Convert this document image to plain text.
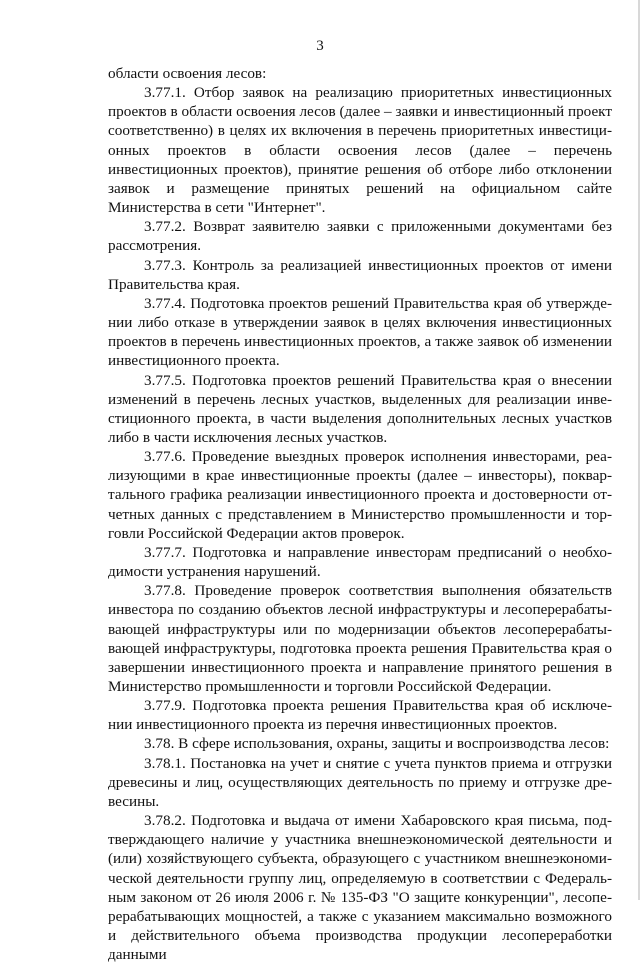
3

области освоения лесов:

3.77.1. Отбор заявок на реализацию приоритетных инвестиционных проектов в области освоения лесов (далее – заявки и инвестиционный проект соответственно) в целях их включения в перечень приоритетных инвестиционных проектов в области освоения лесов (далее – перечень инвестиционных проектов), принятие решения об отборе либо отклонении заявок и размещение принятых решений на официальном сайте Министерства в сети "Интернет".

3.77.2. Возврат заявителю заявки с приложенными документами без рассмотрения.

3.77.3. Контроль за реализацией инвестиционных проектов от имени Правительства края.

3.77.4. Подготовка проектов решений Правительства края об утверждении либо отказе в утверждении заявок в целях включения инвестиционных проектов в перечень инвестиционных проектов, а также заявок об изменении инвестиционного проекта.

3.77.5. Подготовка проектов решений Правительства края о внесении изменений в перечень лесных участков, выделенных для реализации инвестиционного проекта, в части выделения дополнительных лесных участков либо в части исключения лесных участков.

3.77.6. Проведение выездных проверок исполнения инвесторами, реализующими в крае инвестиционные проекты (далее – инвесторы), поквартального графика реализации инвестиционного проекта и достоверности отчетных данных с представлением в Министерство промышленности и торговли Российской Федерации актов проверок.

3.77.7. Подготовка и направление инвесторам предписаний о необходимости устранения нарушений.

3.77.8. Проведение проверок соответствия выполнения обязательств инвестора по созданию объектов лесной инфраструктуры и лесоперерабатывающей инфраструктуры или по модернизации объектов лесоперерабатывающей инфраструктуры, подготовка проекта решения Правительства края о завершении инвестиционного проекта и направление принятого решения в Министерство промышленности и торговли Российской Федерации.

3.77.9. Подготовка проекта решения Правительства края об исключении инвестиционного проекта из перечня инвестиционных проектов.

3.78. В сфере использования, охраны, защиты и воспроизводства лесов:

3.78.1. Постановка на учет и снятие с учета пунктов приема и отгрузки древесины и лиц, осуществляющих деятельность по приему и отгрузке древесины.

3.78.2. Подготовка и выдача от имени Хабаровского края письма, подтверждающего наличие у участника внешнеэкономической деятельности и (или) хозяйствующего субъекта, образующего с участником внешнеэкономической деятельности группу лиц, определяемую в соответствии с Федеральным законом от 26 июля 2006 г. № 135-ФЗ "О защите конкуренции", лесоперерабатывающих мощностей, а также с указанием максимально возможного и действительного объема производства продукции лесопереработки данными
